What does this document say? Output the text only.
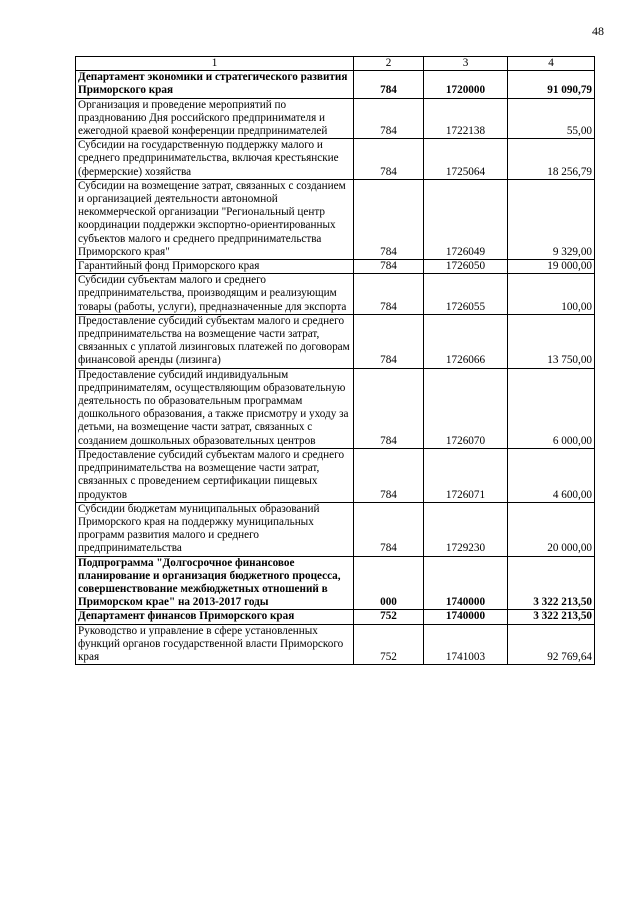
48
1	2	3	4
Департамент экономики и стратегического развития Приморского края	784	1720000	91 090,79
Организация и проведение мероприятий по празднованию Дня российского предпринимателя и ежегодной краевой конференции предпринимателей	784	1722138	55,00
Субсидии на государственную поддержку малого и среднего предпринимательства, включая крестьянские (фермерские) хозяйства	784	1725064	18 256,79
Субсидии на возмещение затрат, связанных с созданием и организацией деятельности автономной некоммерческой организации "Региональный центр координации поддержки экспортно-ориентированных субъектов малого и среднего предпринимательства Приморского края"	784	1726049	9 329,00
Гарантийный фонд Приморского края	784	1726050	19 000,00
Субсидии субъектам малого и среднего предпринимательства, производящим и реализующим товары (работы, услуги), предназначенные для экспорта	784	1726055	100,00
Предоставление субсидий субъектам малого и среднего предпринимательства на возмещение части затрат, связанных с уплатой лизинговых платежей по договорам финансовой аренды (лизинга)	784	1726066	13 750,00
Предоставление субсидий индивидуальным предпринимателям, осуществляющим образовательную деятельность по образовательным программам дошкольного образования, а также присмотру и уходу за детьми, на возмещение части затрат, связанных с созданием дошкольных образовательных центров	784	1726070	6 000,00
Предоставление субсидий субъектам малого и среднего предпринимательства на возмещение части затрат, связанных с проведением сертификации пищевых продуктов	784	1726071	4 600,00
Субсидии бюджетам муниципальных образований Приморского края на поддержку муниципальных программ развития малого и среднего предпринимательства	784	1729230	20 000,00
Подпрограмма "Долгосрочное финансовое планирование и организация бюджетного процесса, совершенствование межбюджетных отношений в Приморском крае" на 2013-2017 годы	000	1740000	3 322 213,50
Департамент финансов Приморского края	752	1740000	3 322 213,50
Руководство и управление в сфере установленных функций органов государственной власти Приморского края	752	1741003	92 769,64
